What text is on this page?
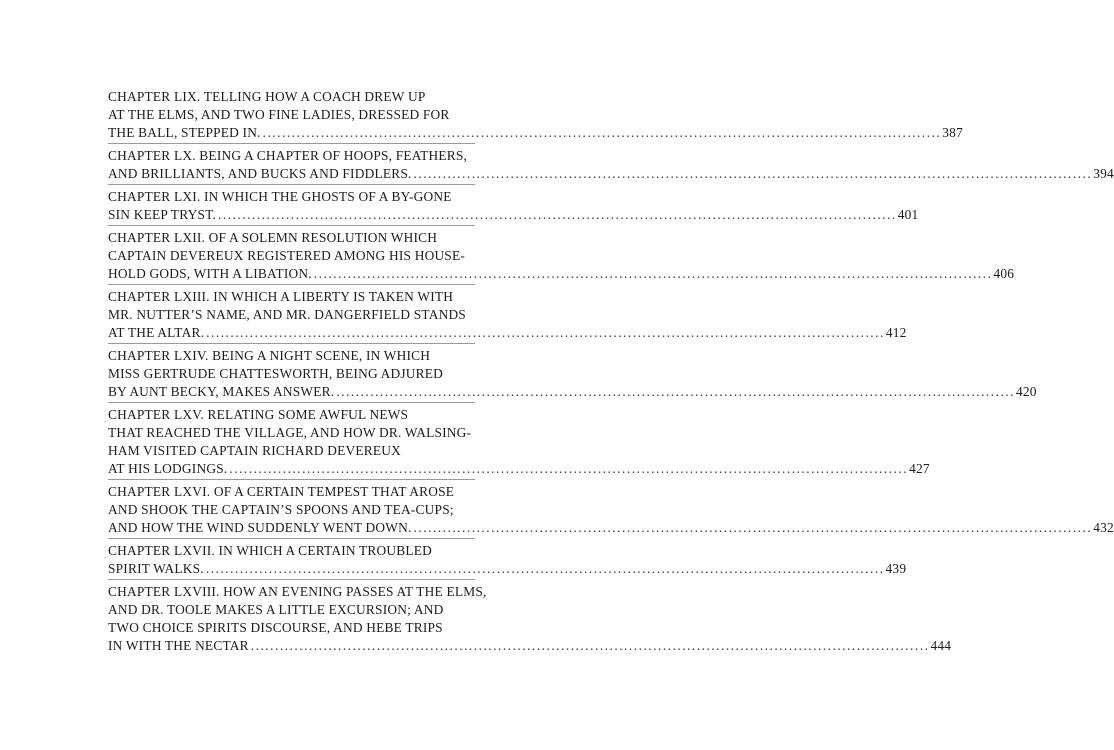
CHAPTER LIX. TELLING HOW A COACH DREW UP
AT THE ELMS, AND TWO FINE LADIES, DRESSED FOR
THE BALL, STEPPED IN. ............................................................................................................................................ 387
CHAPTER LX. BEING A CHAPTER OF HOOPS, FEATHERS,
AND BRILLIANTS, AND BUCKS AND FIDDLERS. ............................................................................................................................................ 394
CHAPTER LXI. IN WHICH THE GHOSTS OF A BY-GONE
SIN KEEP TRYST. ............................................................................................................................................ 401
CHAPTER LXII. OF A SOLEMN RESOLUTION WHICH
CAPTAIN DEVEREUX REGISTERED AMONG HIS HOUSE-
HOLD GODS, WITH A LIBATION. ............................................................................................................................................ 406
CHAPTER LXIII. IN WHICH A LIBERTY IS TAKEN WITH
MR. NUTTER’S NAME, AND MR. DANGERFIELD STANDS
AT THE ALTAR. ............................................................................................................................................ 412
CHAPTER LXIV. BEING A NIGHT SCENE, IN WHICH
MISS GERTRUDE CHATTESWORTH, BEING ADJURED
BY AUNT BECKY, MAKES ANSWER. ............................................................................................................................................ 420
CHAPTER LXV. RELATING SOME AWFUL NEWS
THAT REACHED THE VILLAGE, AND HOW DR. WALSING-
HAM VISITED CAPTAIN RICHARD DEVEREUX
AT HIS LODGINGS. ............................................................................................................................................ 427
CHAPTER LXVI. OF A CERTAIN TEMPEST THAT AROSE
AND SHOOK THE CAPTAIN’S SPOONS AND TEA-CUPS;
AND HOW THE WIND SUDDENLY WENT DOWN. ............................................................................................................................................ 432
CHAPTER LXVII. IN WHICH A CERTAIN TROUBLED
SPIRIT WALKS. ............................................................................................................................................ 439
CHAPTER LXVIII. HOW AN EVENING PASSES AT THE ELMS,
AND DR. TOOLE MAKES A LITTLE EXCURSION; AND
TWO CHOICE SPIRITS DISCOURSE, AND HEBE TRIPS
IN WITH THE NECTAR ............................................................................................................................................ 444
